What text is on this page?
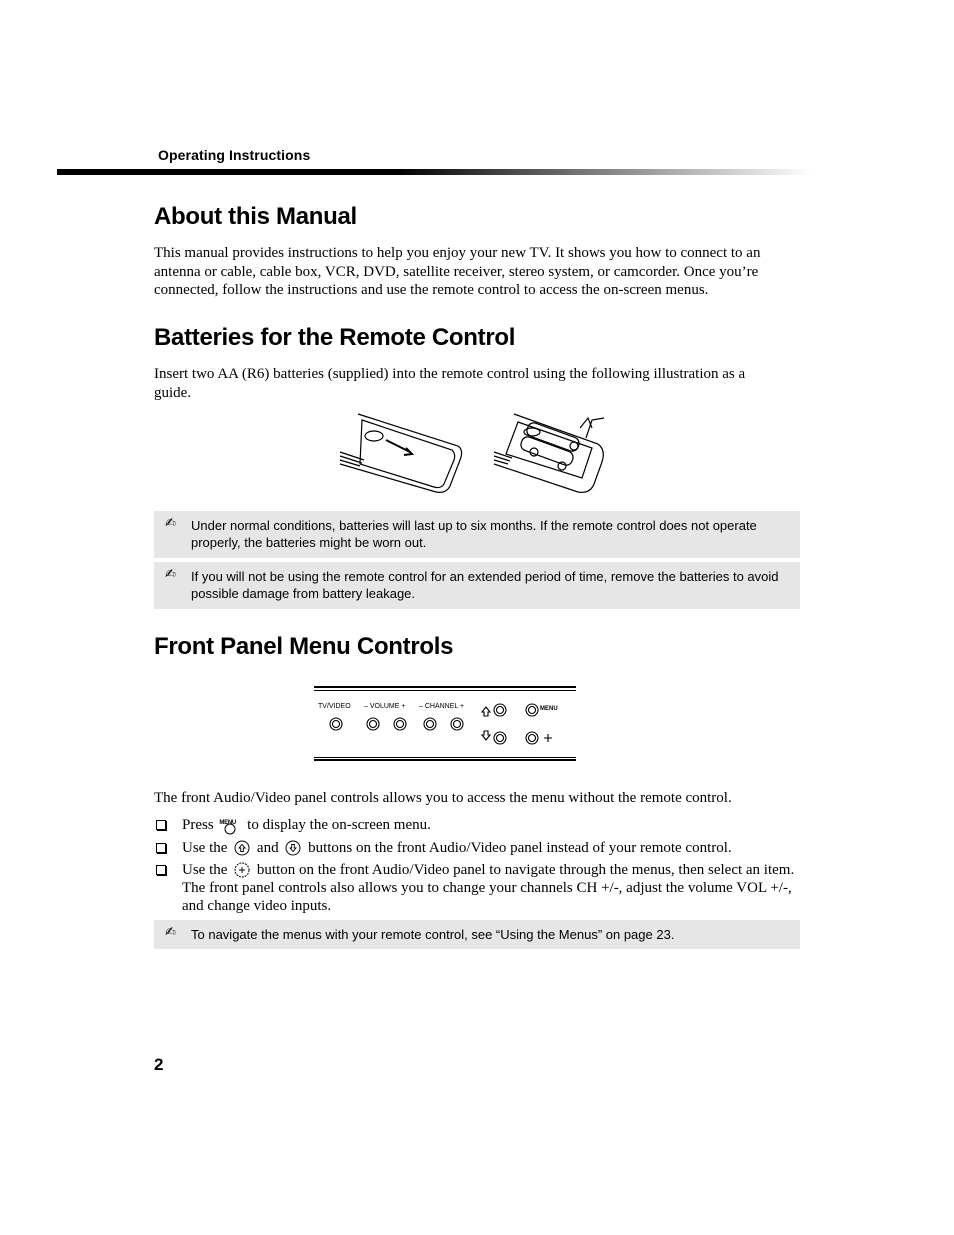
Operating Instructions
About this Manual

This manual provides instructions to help you enjoy your new TV. It shows you how to connect to an antenna or cable, cable box, VCR, DVD, satellite receiver, stereo system, or camcorder. Once you’re connected, follow the instructions and use the remote control to access the on-screen menus.

Batteries for the Remote Control

Insert two AA (R6) batteries (supplied) into the remote control using the following illustration as a guide.

✍ Under normal conditions, batteries will last up to six months. If the remote control does not operate properly, the batteries might be worn out.
✍ If you will not be using the remote control for an extended period of time, remove the batteries to avoid possible damage from battery leakage.
Front Panel Menu Controls
TV/VIDEO – VOLUME + – CHANNEL +	MENU

The front Audio/Video panel controls allows you to access the menu without the remote control.

Press MENU to display the on-screen menu.
Use the and buttons on the front Audio/Video panel instead of your remote control.
Use the button on the front Audio/Video panel to navigate through the menus, then select an item. The front panel controls also allows you to change your channels CH +/-, adjust the volume VOL +/-, and change video inputs.
✍ To navigate the menus with your remote control, see “Using the Menus” on page 23.
2
